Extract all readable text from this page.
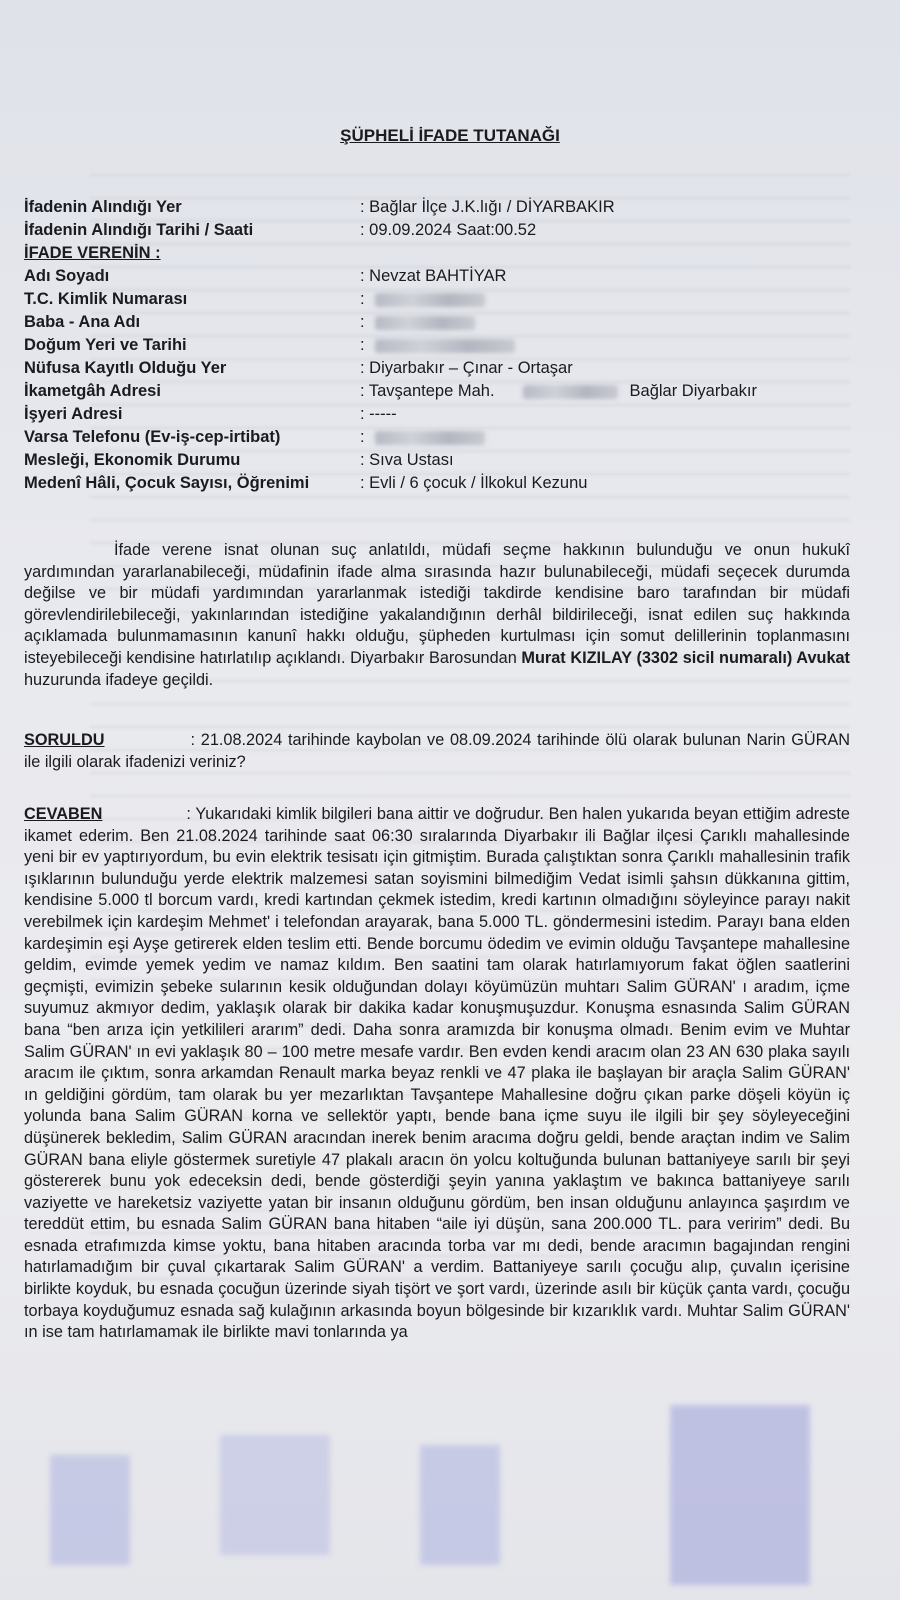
ŞÜPHELİ İFADE TUTANAĞI
İfadenin Alındığı Yer	: Bağlar İlçe J.K.lığı / DİYARBAKIR
İfadenin Alındığı Tarihi / Saati	: 09.09.2024 Saat:00.52
İFADE VERENİN :
Adı Soyadı	: Nevzat BAHTİYAR
T.C. Kimlik Numarası	:
Baba - Ana Adı	:
Doğum Yeri ve Tarihi	:
Nüfusa Kayıtlı Olduğu Yer	: Diyarbakır – Çınar - Ortaşar
İkametgâh Adresi	: Tavşantepe Mah.	Bağlar Diyarbakır
İşyeri Adresi	: -----
Varsa Telefonu (Ev-iş-cep-irtibat)	:
Mesleği, Ekonomik Durumu	: Sıva Ustası
Medenî Hâli, Çocuk Sayısı, Öğrenimi	: Evli / 6 çocuk / İlkokul Kezunu
İfade verene isnat olunan suç anlatıldı, müdafi seçme hakkının bulunduğu ve onun hukukî yardımından yararlanabileceği, müdafinin ifade alma sırasında hazır bulunabileceği, müdafi seçecek durumda değilse ve bir müdafi yardımından yararlanmak istediği takdirde kendisine baro tarafından bir müdafi görevlendirilebileceği, yakınlarından istediğine yakalandığının derhâl bildirileceği, isnat edilen suç hakkında açıklamada bulunmamasının kanunî hakkı olduğu, şüpheden kurtulması için somut delillerinin toplanmasını isteyebileceği kendisine hatırlatılıp açıklandı. Diyarbakır Barosundan Murat KIZILAY (3302 sicil numaralı) Avukat huzurunda ifadeye geçildi.
SORULDU	: 21.08.2024 tarihinde kaybolan ve 08.09.2024 tarihinde ölü olarak bulunan Narin GÜRAN ile ilgili olarak ifadenizi veriniz?
CEVABEN	: Yukarıdaki kimlik bilgileri bana aittir ve doğrudur. Ben halen yukarıda beyan ettiğim adreste ikamet ederim. Ben 21.08.2024 tarihinde saat 06:30 sıralarında Diyarbakır ili Bağlar ilçesi Çarıklı mahallesinde yeni bir ev yaptırıyordum, bu evin elektrik tesisatı için gitmiştim. Burada çalıştıktan sonra Çarıklı mahallesinin trafik ışıklarının bulunduğu yerde elektrik malzemesi satan soyismini bilmediğim Vedat isimli şahsın dükkanına gittim, kendisine 5.000 tl borcum vardı, kredi kartından çekmek istedim, kredi kartının olmadığını söyleyince parayı nakit verebilmek için kardeşim Mehmet' i telefondan arayarak, bana 5.000 TL. göndermesini istedim. Parayı bana elden kardeşimin eşi Ayşe getirerek elden teslim etti. Bende borcumu ödedim ve evimin olduğu Tavşantepe mahallesine geldim, evimde yemek yedim ve namaz kıldım. Ben saatini tam olarak hatırlamıyorum fakat öğlen saatlerini geçmişti, evimizin şebeke sularının kesik olduğundan dolayı köyümüzün muhtarı Salim GÜRAN' ı aradım, içme suyumuz akmıyor dedim, yaklaşık olarak bir dakika kadar konuşmuşuzdur. Konuşma esnasında Salim GÜRAN bana “ben arıza için yetkilileri ararım” dedi. Daha sonra aramızda bir konuşma olmadı. Benim evim ve Muhtar Salim GÜRAN' ın evi yaklaşık 80 – 100 metre mesafe vardır. Ben evden kendi aracım olan 23 AN 630 plaka sayılı aracım ile çıktım, sonra arkamdan Renault marka beyaz renkli ve 47 plaka ile başlayan bir araçla Salim GÜRAN' ın geldiğini gördüm, tam olarak bu yer mezarlıktan Tavşantepe Mahallesine doğru çıkan parke döşeli köyün iç yolunda bana Salim GÜRAN korna ve sellektör yaptı, bende bana içme suyu ile ilgili bir şey söyleyeceğini düşünerek bekledim, Salim GÜRAN aracından inerek benim aracıma doğru geldi, bende araçtan indim ve Salim GÜRAN bana eliyle göstermek suretiyle 47 plakalı aracın ön yolcu koltuğunda bulunan battaniyeye sarılı bir şeyi göstererek bunu yok edeceksin dedi, bende gösterdiği şeyin yanına yaklaştım ve bakınca battaniyeye sarılı vaziyette ve hareketsiz vaziyette yatan bir insanın olduğunu gördüm, ben insan olduğunu anlayınca şaşırdım ve tereddüt ettim, bu esnada Salim GÜRAN bana hitaben “aile iyi düşün, sana 200.000 TL. para veririm” dedi. Bu esnada etrafımızda kimse yoktu, bana hitaben aracında torba var mı dedi, bende aracımın bagajından rengini hatırlamadığım bir çuval çıkartarak Salim GÜRAN' a verdim. Battaniyeye sarılı çocuğu alıp, çuvalın içerisine birlikte koyduk, bu esnada çocuğun üzerinde siyah tişört ve şort vardı, üzerinde asılı bir küçük çanta vardı, çocuğu torbaya koyduğumuz esnada sağ kulağının arkasında boyun bölgesinde bir kızarıklık vardı. Muhtar Salim GÜRAN' ın ise tam hatırlamamak ile birlikte mavi tonlarında ya
